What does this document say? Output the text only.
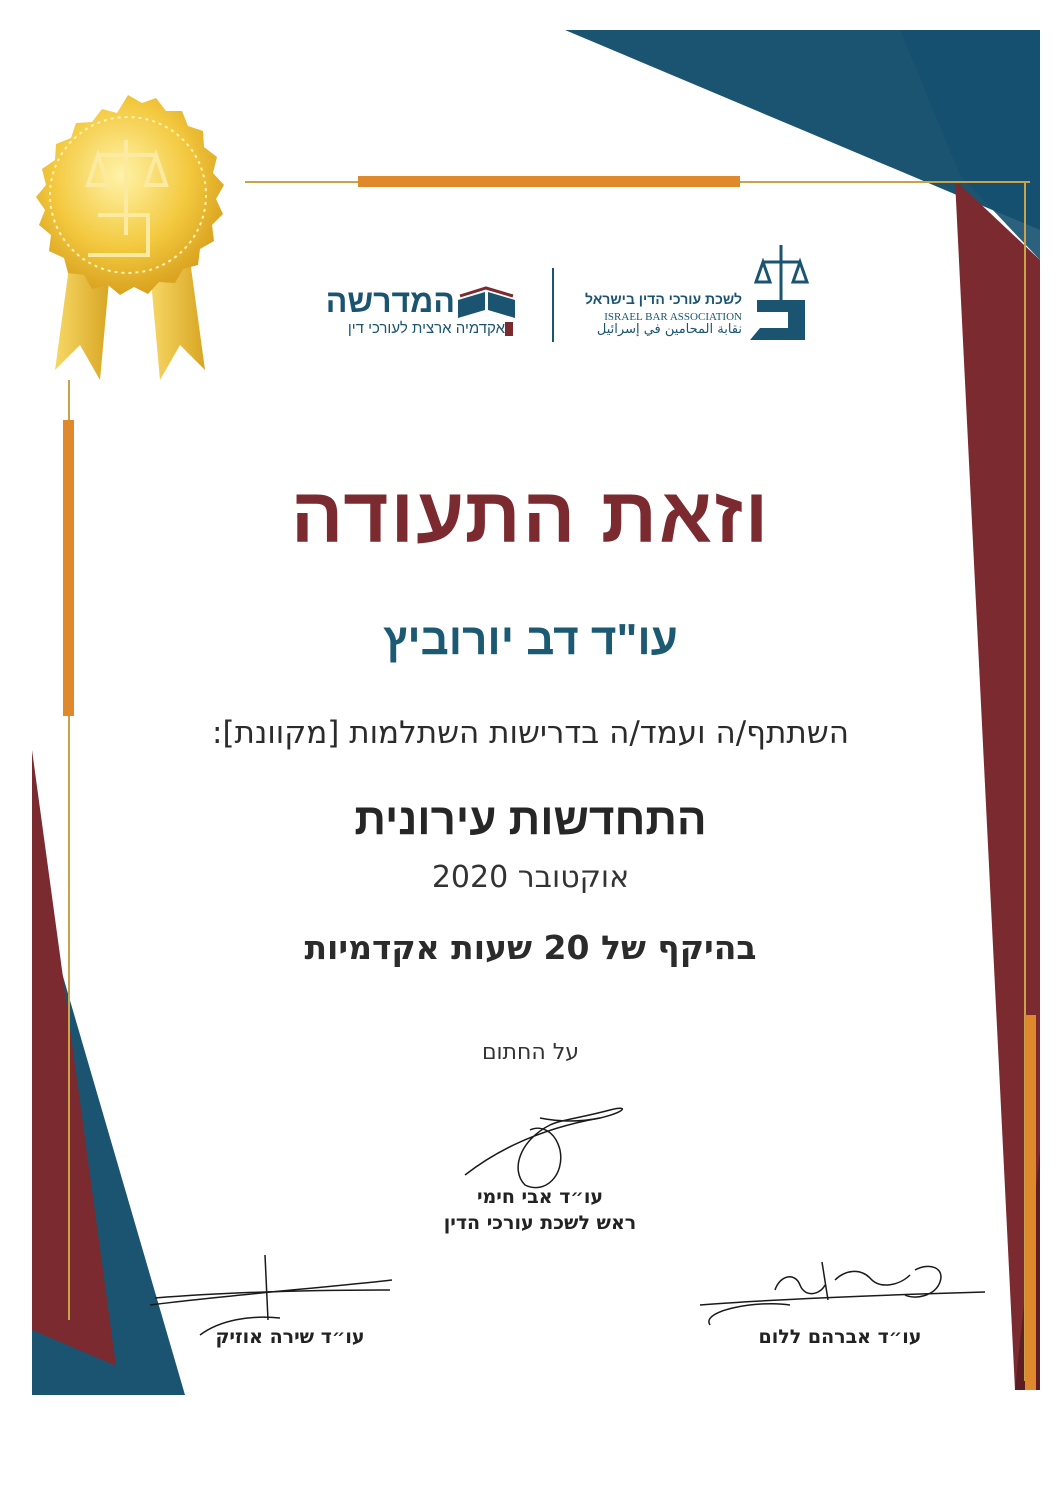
לשכת עורכי הדין בישראל
ISRAEL BAR ASSOCIATION
نقابة المحامين في إسرائيل
המדרשה
אקדמיה ארצית לעורכי דין
וזאת התעודה
עו"ד דב יורוביץ
השתתף/ה ועמד/ה בדרישות השתלמות [מקוונת]:
התחדשות עירונית
אוקטובר 2020
בהיקף של 20 שעות אקדמיות
על החתום
עו״ד אבי חימי
ראש לשכת עורכי הדין
עו״ד שירה אוזיק	עו״ד אברהם ללום
